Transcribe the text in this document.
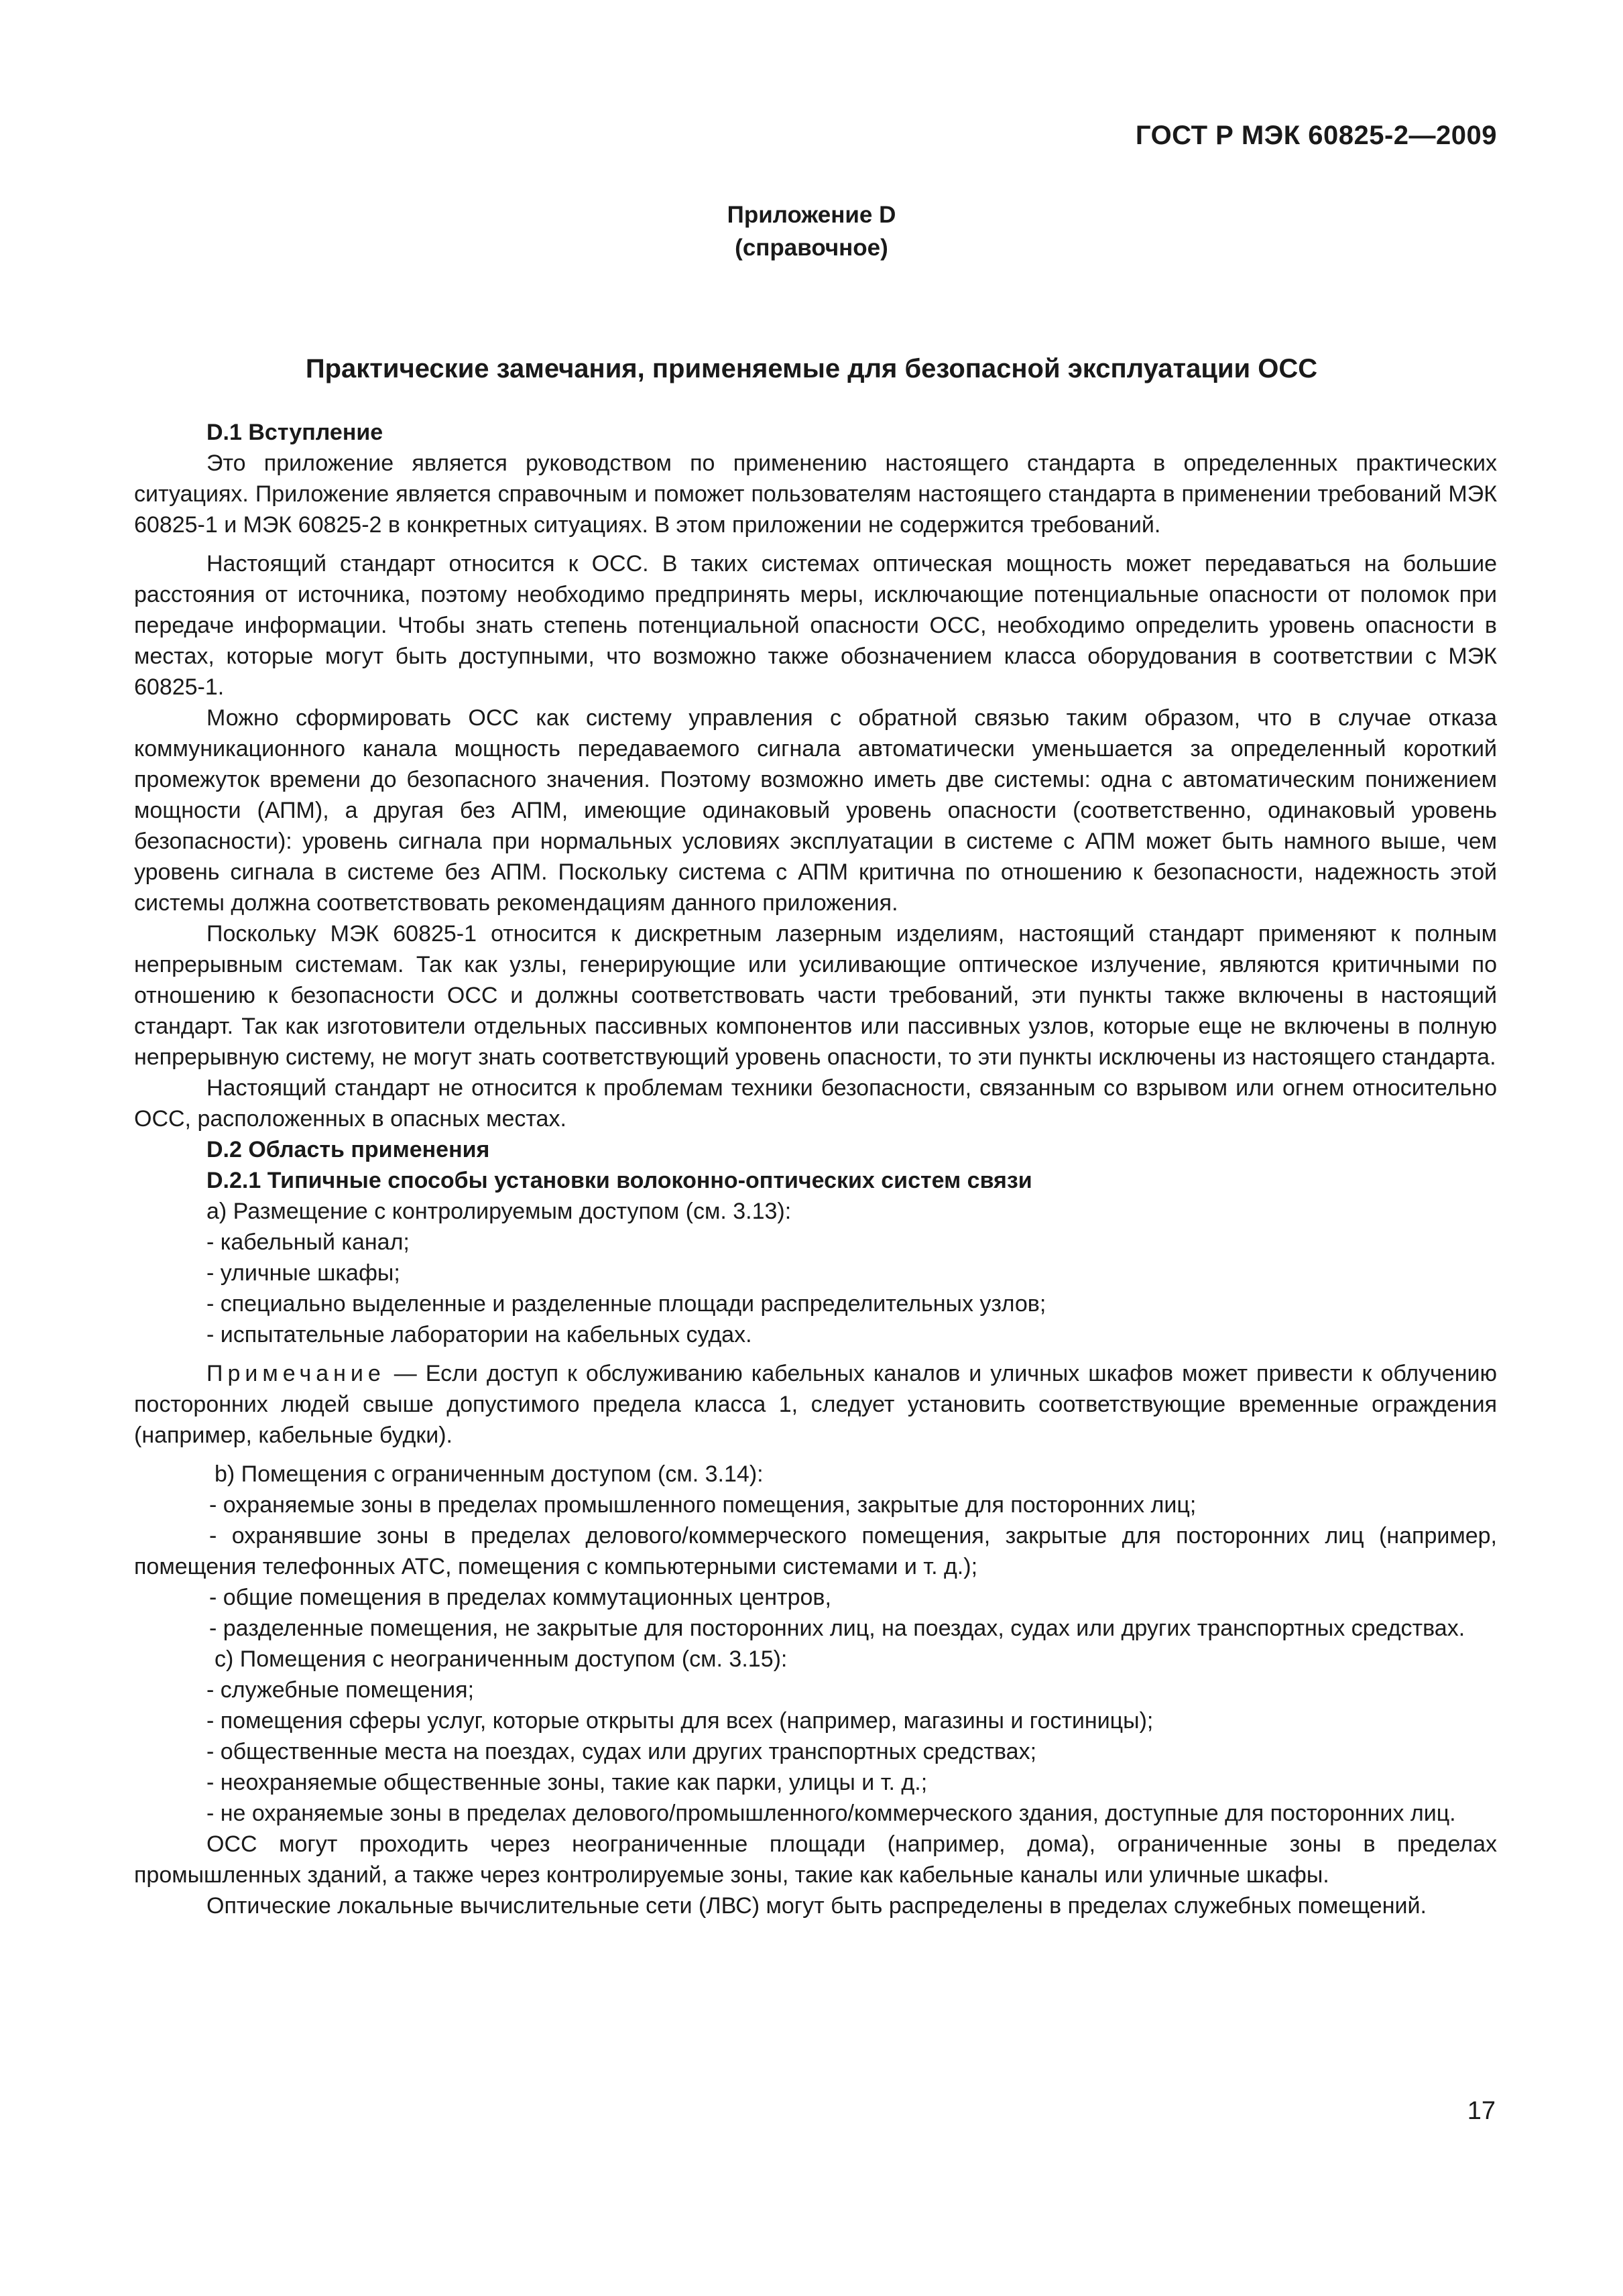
ГОСТ Р МЭК 60825-2—2009
Приложение D
(справочное)
Практические замечания, применяемые для безопасной эксплуатации ОСС

D.1 Вступление

Это приложение является руководством по применению настоящего стандарта в определенных практических ситуациях. Приложение является справочным и поможет пользователям настоящего стандарта в применении требований МЭК 60825-1 и МЭК 60825-2 в конкретных ситуациях. В этом приложении не содержится требований.

Настоящий стандарт относится к ОСС. В таких системах оптическая мощность может передаваться на большие расстояния от источника, поэтому необходимо предпринять меры, исключающие потенциальные опасности от поломок при передаче информации. Чтобы знать степень потенциальной опасности ОСС, необходимо определить уровень опасности в местах, которые могут быть доступными, что возможно также обозначением класса оборудования в соответствии с МЭК 60825-1.

Можно сформировать ОСС как систему управления с обратной связью таким образом, что в случае отказа коммуникационного канала мощность передаваемого сигнала автоматически уменьшается за определенный короткий промежуток времени до безопасного значения. Поэтому возможно иметь две системы: одна с автоматическим понижением мощности (АПМ), а другая без АПМ, имеющие одинаковый уровень опасности (соответственно, одинаковый уровень безопасности): уровень сигнала при нормальных условиях эксплуатации в системе с АПМ может быть намного выше, чем уровень сигнала в системе без АПМ. Поскольку система с АПМ критична по отношению к безопасности, надежность этой системы должна соответствовать рекомендациям данного приложения.

Поскольку МЭК 60825-1 относится к дискретным лазерным изделиям, настоящий стандарт применяют к полным непрерывным системам. Так как узлы, генерирующие или усиливающие оптическое излучение, являются критичными по отношению к безопасности ОСС и должны соответствовать части требований, эти пункты также включены в настоящий стандарт. Так как изготовители отдельных пассивных компонентов или пассивных узлов, которые еще не включены в полную непрерывную систему, не могут знать соответствующий уровень опасности, то эти пункты исключены из настоящего стандарта.

Настоящий стандарт не относится к проблемам техники безопасности, связанным со взрывом или огнем относительно ОСС, расположенных в опасных местах.

D.2 Область применения

D.2.1 Типичные способы установки волоконно-оптических систем связи

а) Размещение с контролируемым доступом (см. 3.13):

- кабельный канал;

- уличные шкафы;

- специально выделенные и разделенные площади распределительных узлов;

- испытательные лаборатории на кабельных судах.

Примечание — Если доступ к обслуживанию кабельных каналов и уличных шкафов может привести к облучению посторонних людей свыше допустимого предела класса 1, следует установить соответствующие временные ограждения (например, кабельные будки).

b) Помещения с ограниченным доступом (см. 3.14):

- охраняемые зоны в пределах промышленного помещения, закрытые для посторонних лиц;

- охранявшие зоны в пределах делового/коммерческого помещения, закрытые для посторонних лиц (например, помещения телефонных АТС, помещения с компьютерными системами и т. д.);

- общие помещения в пределах коммутационных центров,

- разделенные помещения, не закрытые для посторонних лиц, на поездах, судах или других транспортных средствах.

с) Помещения с неограниченным доступом (см. 3.15):

- служебные помещения;

- помещения сферы услуг, которые открыты для всех (например, магазины и гостиницы);

- общественные места на поездах, судах или других транспортных средствах;

- неохраняемые общественные зоны, такие как парки, улицы и т. д.;

- не охраняемые зоны в пределах делового/промышленного/коммерческого здания, доступные для посторонних лиц.

ОСС могут проходить через неограниченные площади (например, дома), ограниченные зоны в пределах промышленных зданий, а также через контролируемые зоны, такие как кабельные каналы или уличные шкафы.

Оптические локальные вычислительные сети (ЛВС) могут быть распределены в пределах служебных помещений.

17
